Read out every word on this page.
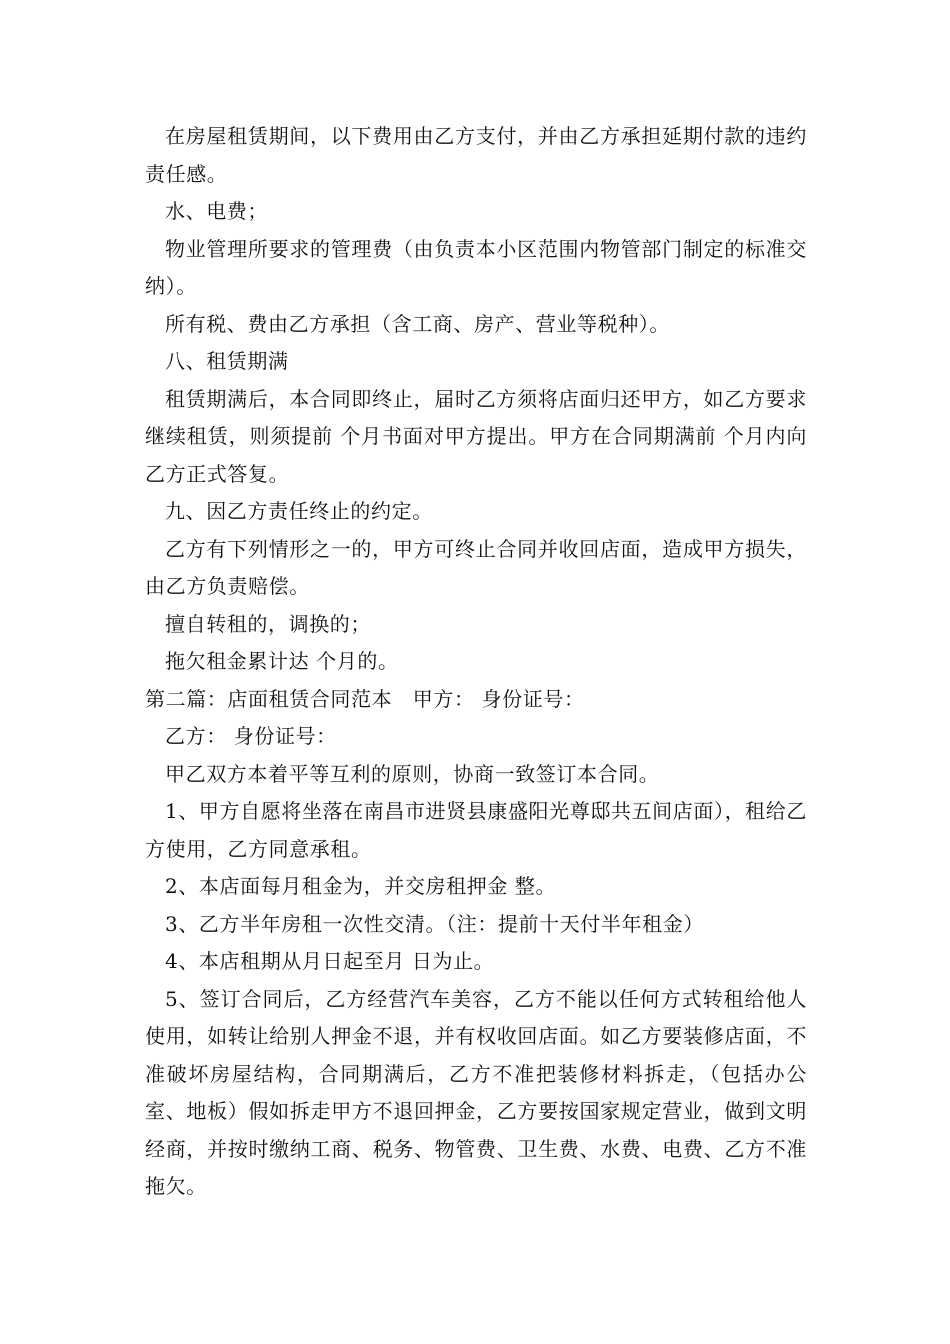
在房屋租赁期间，以下费用由乙方支付，并由乙方承担延期付款的违约责任感。

水、电费；

物业管理所要求的管理费（由负责本小区范围内物管部门制定的标准交纳）。

所有税、费由乙方承担（含工商、房产、营业等税种）。

八、租赁期满

租赁期满后，本合同即终止，届时乙方须将店面归还甲方，如乙方要求继续租赁，则须提前 个月书面对甲方提出。甲方在合同期满前 个月内向乙方正式答复。

九、因乙方责任终止的约定。

乙方有下列情形之一的，甲方可终止合同并收回店面，造成甲方损失，由乙方负责赔偿。

擅自转租的，调换的；

拖欠租金累计达 个月的。

第二篇：店面租赁合同范本　甲方： 身份证号：

乙方： 身份证号：

甲乙双方本着平等互利的原则，协商一致签订本合同。

1、甲方自愿将坐落在南昌市进贤县康盛阳光尊邸共五间店面），租给乙方使用，乙方同意承租。

2、本店面每月租金为，并交房租押金 整。

3、乙方半年房租一次性交清。（注：提前十天付半年租金）

4、本店租期从月日起至月 日为止。

5、签订合同后，乙方经营汽车美容，乙方不能以任何方式转租给他人使用，如转让给别人押金不退，并有权收回店面。如乙方要装修店面，不准破坏房屋结构，合同期满后，乙方不准把装修材料拆走，（包括办公室、地板）假如拆走甲方不退回押金，乙方要按国家规定营业，做到文明经商，并按时缴纳工商、税务、物管费、卫生费、水费、电费、乙方不准拖欠。
